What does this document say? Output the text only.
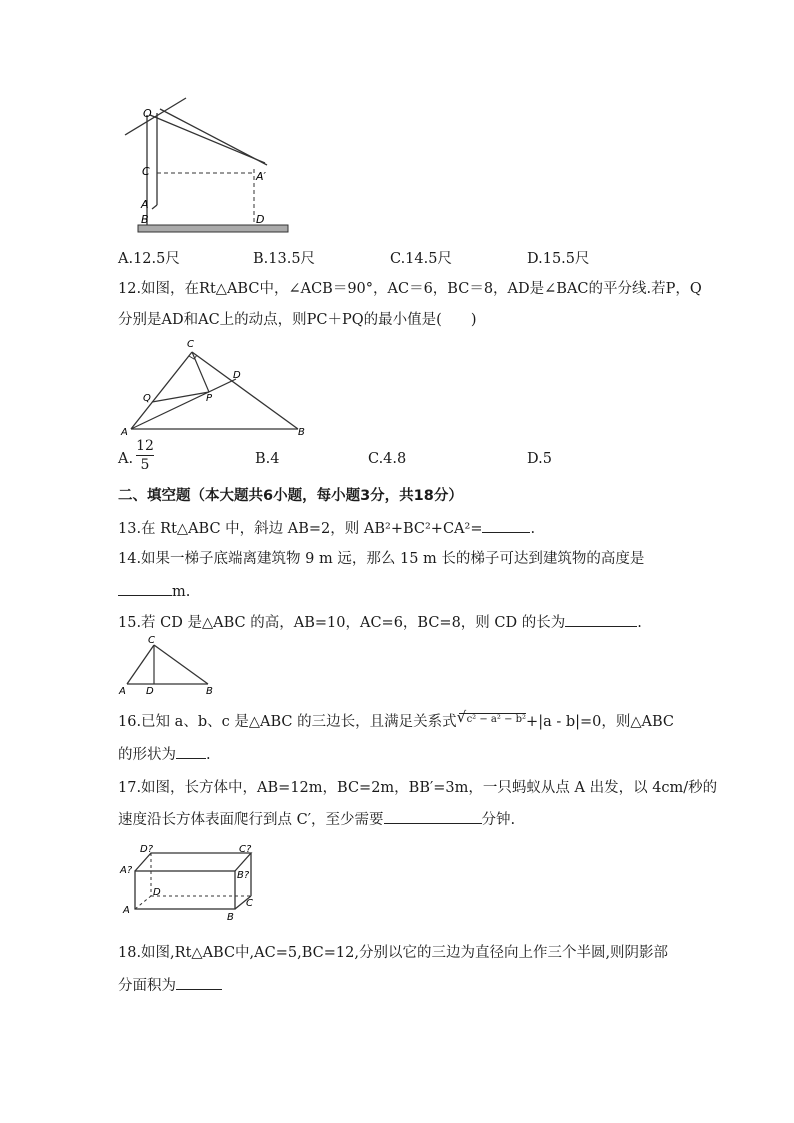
O
C
A
B	D
A′
A.12.5尺	B.13.5尺	C.14.5尺	D.15.5尺
12.如图，在Rt△ABC中，∠ACB＝90°，AC＝6，BC＝8，AD是∠BAC的平分线.若P，Q
分别是AD和AC上的动点，则PC＋PQ的最小值是(　　)
C
D
Q	P
A	B
A.
12
5	B.4	C.4.8	D.5
二、填空题（本大题共6小题，每小题3分，共18分）
13.在 Rt△ABC 中，斜边 AB=2，则 AB²+BC²+CA²=	.
14.如果一梯子底端离建筑物 9 m 远，那么 15 m 长的梯子可达到建筑物的高度是
m.
15.若 CD 是△ABC 的高，AB=10，AC=6，BC=8，则 CD 的长为	.
C
A D	B
16.已知 a、b、c 是△ABC 的三边长，且满足关系式 √ c² − a² − b²+|a - b|=0，则△ABC
的形状为 .
17.如图，长方体中，AB=12m，BC=2m，BB′=3m，一只蚂蚁从点 A 出发，以 4cm/秒的
速度沿长方体表面爬行到点 C′，至少需要	分钟.
D?	C?
A?	B?
D
A
B
C
18.如图,Rt△ABC中,AC=5,BC=12,分别以它的三边为直径向上作三个半圆,则阴影部
分面积为
